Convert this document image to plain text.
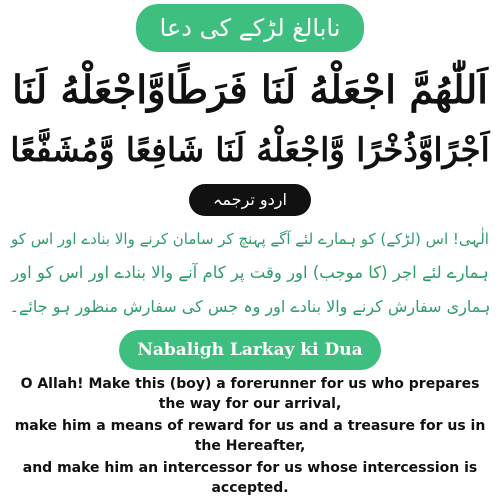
نابالغ لڑکے کی دعا
اَللّٰھُمَّ اجْعَلْهُ لَنَا فَرَطًاوَّاجْعَلْهُ لَنَا
اَجْرًاوَّذُخْرًا وَّاجْعَلْهُ لَنَا شَافِعًا وَّمُشَفَّعًا
اردو ترجمہ
الٰہی! اس (لڑکے) کو ہمارے لئے آگے پہنچ کر سامان کرنے والا بنادے اور اس کو
ہمارے لئے اجر (کا موجب) اور وقت پر کام آنے والا بنادے اور اس کو اور
ہماری سفارش کرنے والا بنادے اور وہ جس کی سفارش منظور ہو جائے۔
Nabaligh Larkay ki Dua
O Allah! Make this (boy) a forerunner for us who prepares
the way for our arrival,
make him a means of reward for us and a treasure for us in
the Hereafter,
and make him an intercessor for us whose intercession is
accepted.
